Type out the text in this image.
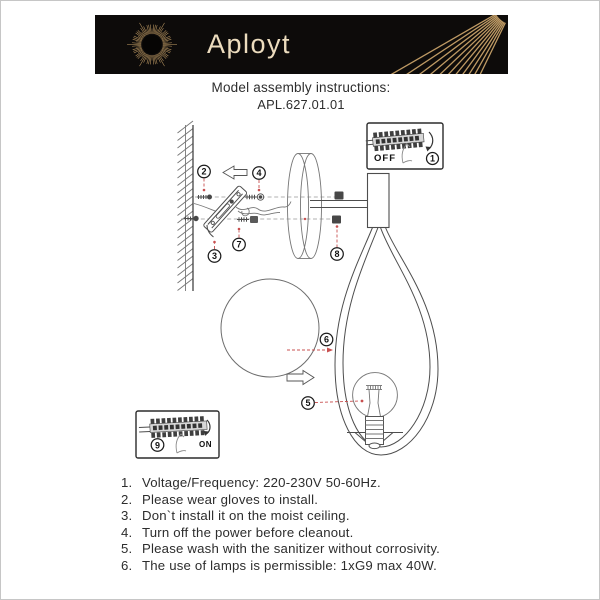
Aployt
Model assembly instructions:
APL.627.01.01
OFF	1
ON
9
2
3
4
5
6
7
8
1. Voltage/Frequency: 220-230V 50-60Hz.
2. Please wear gloves to install.
3. Don`t install it on the moist ceiling.
4. Turn off the power before cleanout.
5. Please wash with the sanitizer without corrosivity.
6. The use of lamps is permissible: 1xG9 max 40W.
